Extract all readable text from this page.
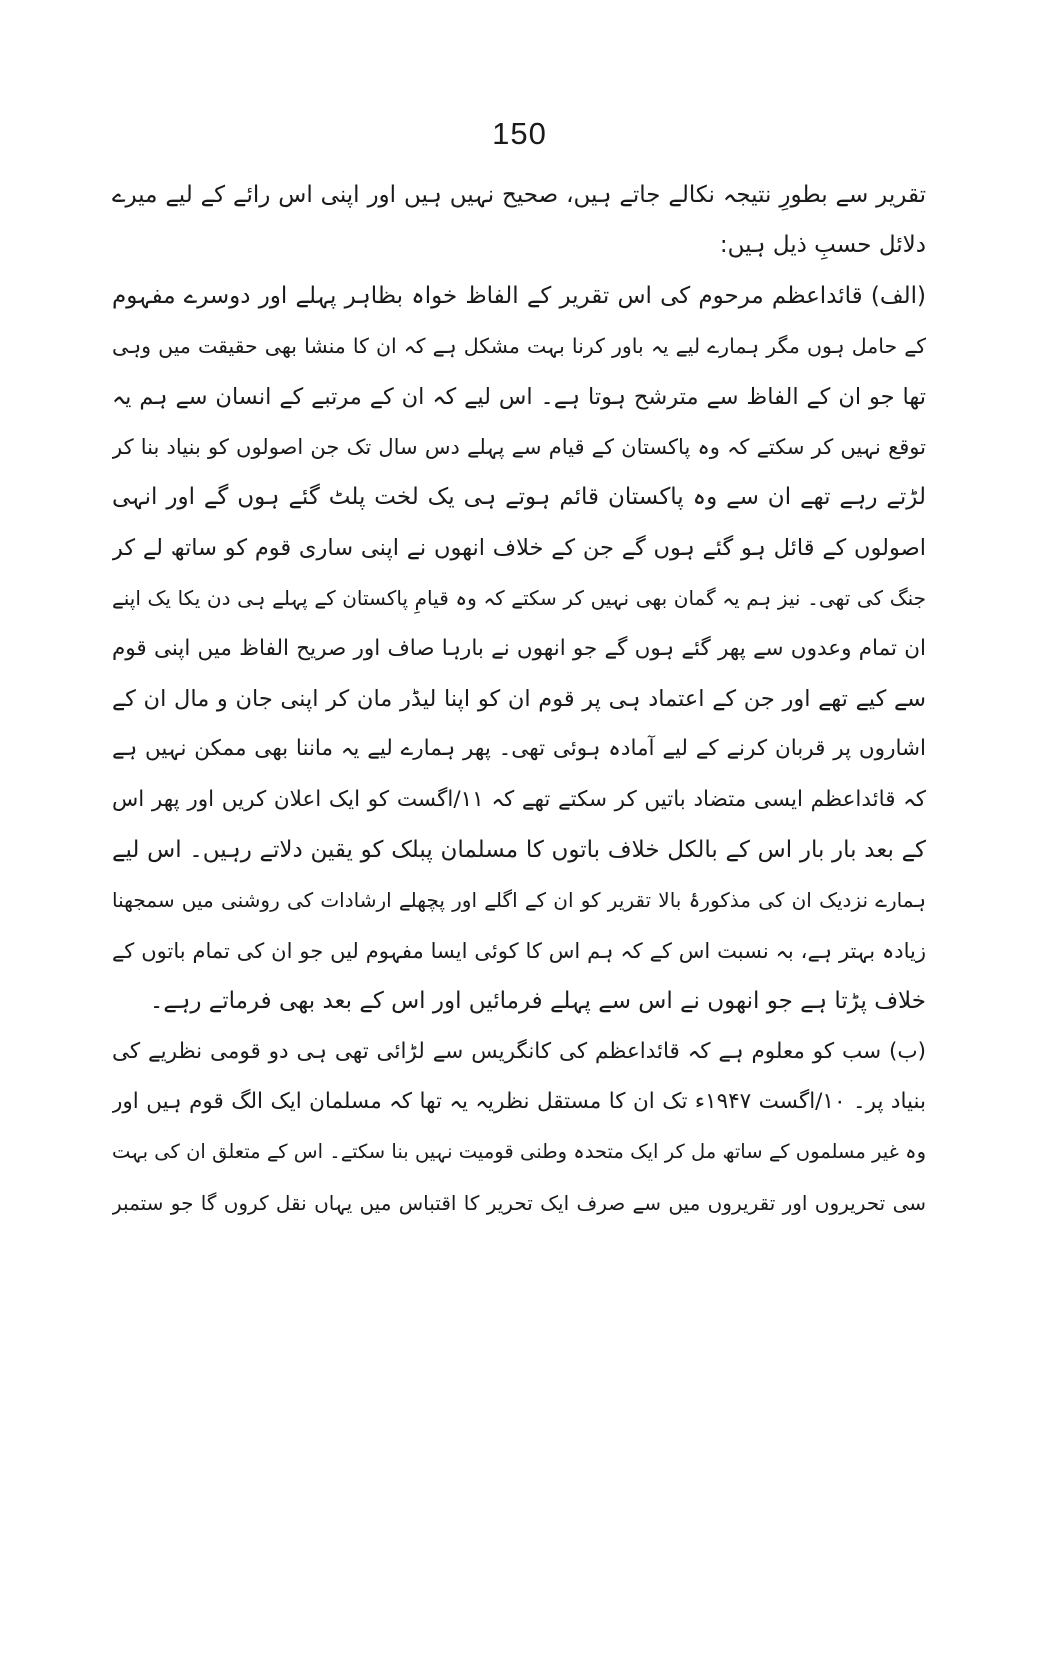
150
تقریر سے بطورِ نتیجہ نکالے جاتے ہیں، صحیح نہیں ہیں اور اپنی اس رائے کے لیے میرے
دلائل حسبِ ذیل ہیں:
(الف) قائداعظم مرحوم کی اس تقریر کے الفاظ خواہ بظاہر پہلے اور دوسرے مفہوم
کے حامل ہوں مگر ہمارے لیے یہ باور کرنا بہت مشکل ہے کہ ان کا منشا بھی حقیقت میں وہی
تھا جو ان کے الفاظ سے مترشح ہوتا ہے۔ اس لیے کہ ان کے مرتبے کے انسان سے ہم یہ
توقع نہیں کر سکتے کہ وہ پاکستان کے قیام سے پہلے دس سال تک جن اصولوں کو بنیاد بنا کر
لڑتے رہے تھے ان سے وہ پاکستان قائم ہوتے ہی یک لخت پلٹ گئے ہوں گے اور انہی
اصولوں کے قائل ہو گئے ہوں گے جن کے خلاف انھوں نے اپنی ساری قوم کو ساتھ لے کر
جنگ کی تھی۔ نیز ہم یہ گمان بھی نہیں کر سکتے کہ وہ قیامِ پاکستان کے پہلے ہی دن یکا یک اپنے
ان تمام وعدوں سے پھر گئے ہوں گے جو انھوں نے بارہا صاف اور صریح الفاظ میں اپنی قوم
سے کیے تھے اور جن کے اعتماد ہی پر قوم ان کو اپنا لیڈر مان کر اپنی جان و مال ان کے
اشاروں پر قربان کرنے کے لیے آمادہ ہوئی تھی۔ پھر ہمارے لیے یہ ماننا بھی ممکن نہیں ہے
کہ قائداعظم ایسی متضاد باتیں کر سکتے تھے کہ ۱۱/اگست کو ایک اعلان کریں اور پھر اس
کے بعد بار بار اس کے بالکل خلاف باتوں کا مسلمان پبلک کو یقین دلاتے رہیں۔ اس لیے
ہمارے نزدیک ان کی مذکورۂ بالا تقریر کو ان کے اگلے اور پچھلے ارشادات کی روشنی میں سمجھنا
زیادہ بہتر ہے، بہ نسبت اس کے کہ ہم اس کا کوئی ایسا مفہوم لیں جو ان کی تمام باتوں کے
خلاف پڑتا ہے جو انھوں نے اس سے پہلے فرمائیں اور اس کے بعد بھی فرماتے رہے۔
(ب) سب کو معلوم ہے کہ قائداعظم کی کانگریس سے لڑائی تھی ہی دو قومی نظریے کی
بنیاد پر۔ ۱۰/اگست ۱۹۴۷ء تک ان کا مستقل نظریہ یہ تھا کہ مسلمان ایک الگ قوم ہیں اور
وہ غیر مسلموں کے ساتھ مل کر ایک متحدہ وطنی قومیت نہیں بنا سکتے۔ اس کے متعلق ان کی بہت
سی تحریروں اور تقریروں میں سے صرف ایک تحریر کا اقتباس میں یہاں نقل کروں گا جو ستمبر
